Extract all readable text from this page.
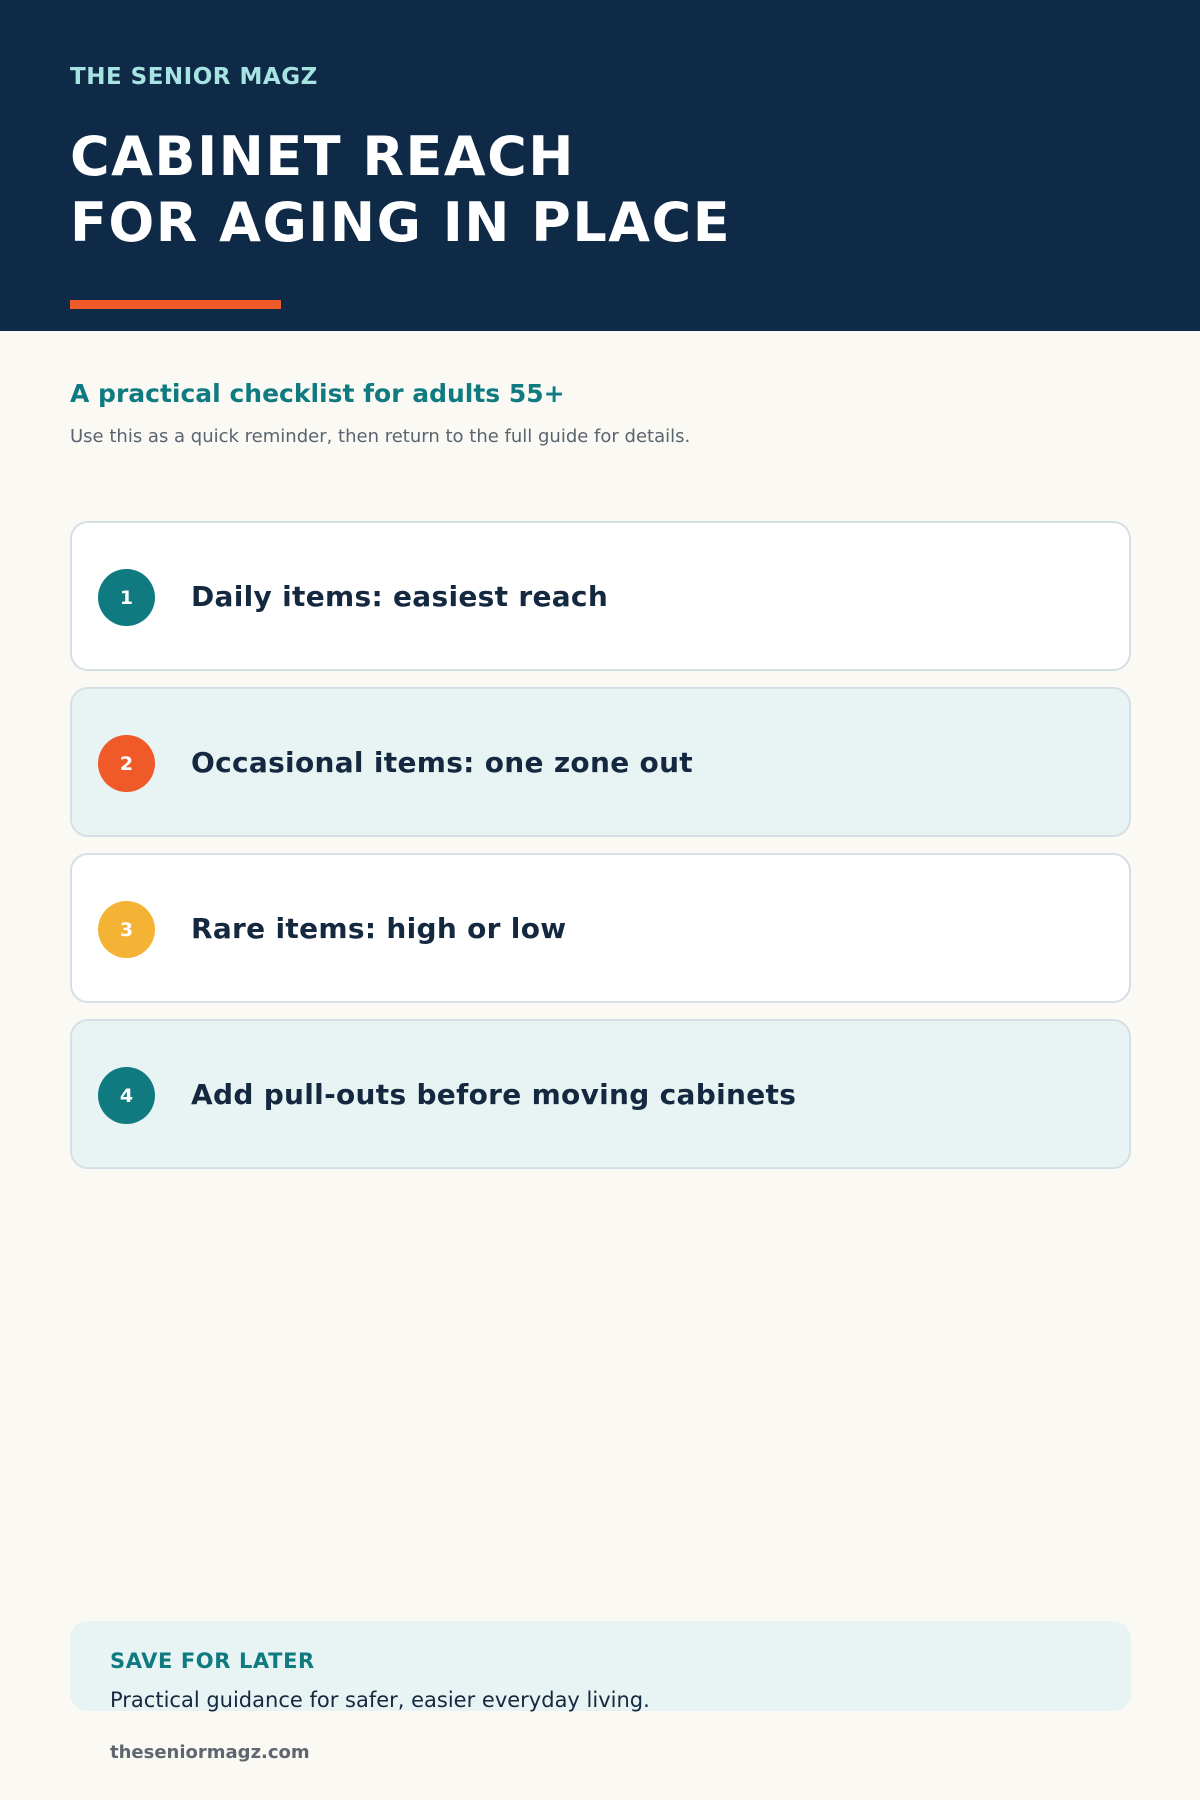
THE SENIOR MAGZ
CABINET REACH
FOR AGING IN PLACE
A practical checklist for adults 55+
Use this as a quick reminder, then return to the full guide for details.
1	Daily items: easiest reach
2	Occasional items: one zone out
3	Rare items: high or low
4	Add pull-outs before moving cabinets
SAVE FOR LATER
Practical guidance for safer, easier everyday living.
theseniormagz.com
